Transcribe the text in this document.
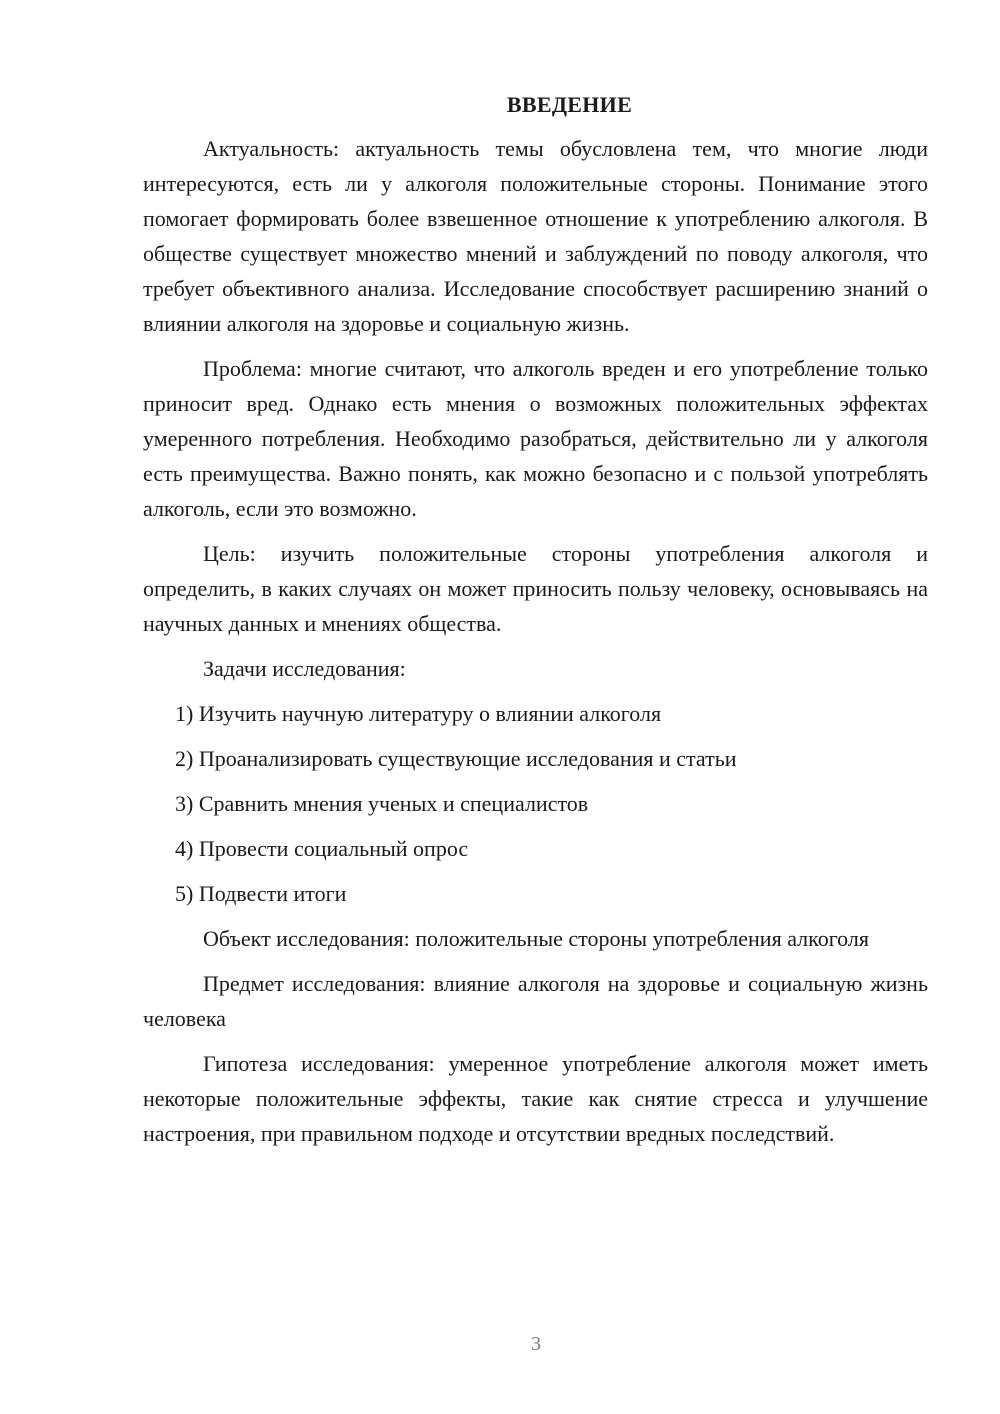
ВВЕДЕНИЕ

Актуальность: актуальность темы обусловлена тем, что многие люди интересуются, есть ли у алкоголя положительные стороны. Понимание этого помогает формировать более взвешенное отношение к употреблению алкоголя. В обществе существует множество мнений и заблуждений по поводу алкоголя, что требует объективного анализа. Исследование способствует расширению знаний о влиянии алкоголя на здоровье и социальную жизнь.

Проблема: многие считают, что алкоголь вреден и его употребление только приносит вред. Однако есть мнения о возможных положительных эффектах умеренного потребления. Необходимо разобраться, действительно ли у алкоголя есть преимущества. Важно понять, как можно безопасно и с пользой употреблять алкоголь, если это возможно.

Цель: изучить положительные стороны употребления алкоголя и определить, в каких случаях он может приносить пользу человеку, основываясь на научных данных и мнениях общества.

Задачи исследования:

1) Изучить научную литературу о влиянии алкоголя

2) Проанализировать существующие исследования и статьи

3) Сравнить мнения ученых и специалистов

4) Провести социальный опрос

5) Подвести итоги

Объект исследования: положительные стороны употребления алкоголя

Предмет исследования: влияние алкоголя на здоровье и социальную жизнь человека

Гипотеза исследования: умеренное употребление алкоголя может иметь некоторые положительные эффекты, такие как снятие стресса и улучшение настроения, при правильном подходе и отсутствии вредных последствий.

3
